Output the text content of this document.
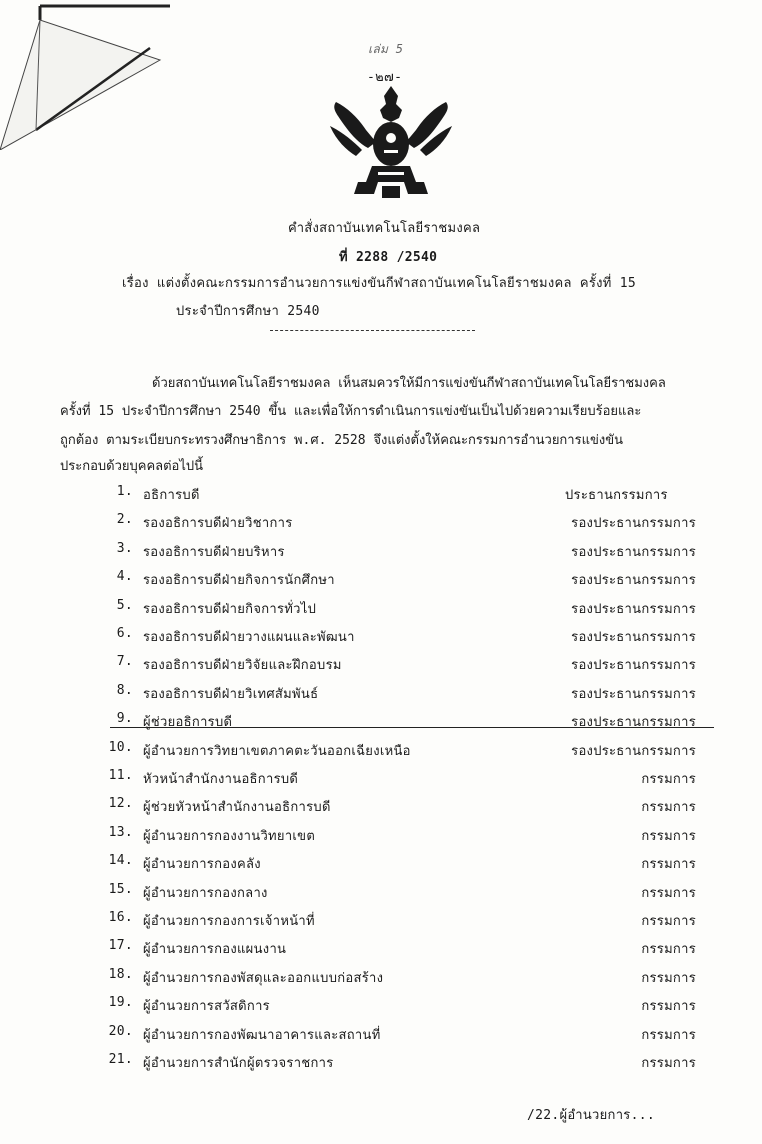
เล่ม 5
-๒๗-
คำสั่งสถาบันเทคโนโลยีราชมงคล
ที่ 2288 /2540
เรื่อง แต่งตั้งคณะกรรมการอำนวยการแข่งขันกีฬาสถาบันเทคโนโลยีราชมงคล ครั้งที่ 15
ประจำปีการศึกษา 2540
ด้วยสถาบันเทคโนโลยีราชมงคล เห็นสมควรให้มีการแข่งขันกีฬาสถาบันเทคโนโลยีราชมงคล
ครั้งที่ 15 ประจำปีการศึกษา 2540 ขึ้น และเพื่อให้การดำเนินการแข่งขันเป็นไปด้วยความเรียบร้อยและ
ถูกต้อง ตามระเบียบกระทรวงศึกษาธิการ พ.ศ. 2528 จึงแต่งตั้งให้คณะกรรมการอำนวยการแข่งขัน
ประกอบด้วยบุคคลต่อไปนี้
1. อธิการบดี	ประธานกรรมการ
2. รองอธิการบดีฝ่ายวิชาการ	รองประธานกรรมการ
3. รองอธิการบดีฝ่ายบริหาร	รองประธานกรรมการ
4. รองอธิการบดีฝ่ายกิจการนักศึกษา	รองประธานกรรมการ
5. รองอธิการบดีฝ่ายกิจการทั่วไป	รองประธานกรรมการ
6. รองอธิการบดีฝ่ายวางแผนและพัฒนา	รองประธานกรรมการ
7. รองอธิการบดีฝ่ายวิจัยและฝึกอบรม	รองประธานกรรมการ
8. รองอธิการบดีฝ่ายวิเทศสัมพันธ์	รองประธานกรรมการ
9. ผู้ช่วยอธิการบดี	รองประธานกรรมการ
10. ผู้อำนวยการวิทยาเขตภาคตะวันออกเฉียงเหนือ	รองประธานกรรมการ
11. หัวหน้าสำนักงานอธิการบดี	กรรมการ
12. ผู้ช่วยหัวหน้าสำนักงานอธิการบดี	กรรมการ
13. ผู้อำนวยการกองงานวิทยาเขต	กรรมการ
14. ผู้อำนวยการกองคลัง	กรรมการ
15. ผู้อำนวยการกองกลาง	กรรมการ
16. ผู้อำนวยการกองการเจ้าหน้าที่	กรรมการ
17. ผู้อำนวยการกองแผนงาน	กรรมการ
18. ผู้อำนวยการกองพัสดุและออกแบบก่อสร้าง	กรรมการ
19. ผู้อำนวยการสวัสดิการ	กรรมการ
20. ผู้อำนวยการกองพัฒนาอาคารและสถานที่	กรรมการ
21. ผู้อำนวยการสำนักผู้ตรวจราชการ	กรรมการ
/22.ผู้อำนวยการ...
